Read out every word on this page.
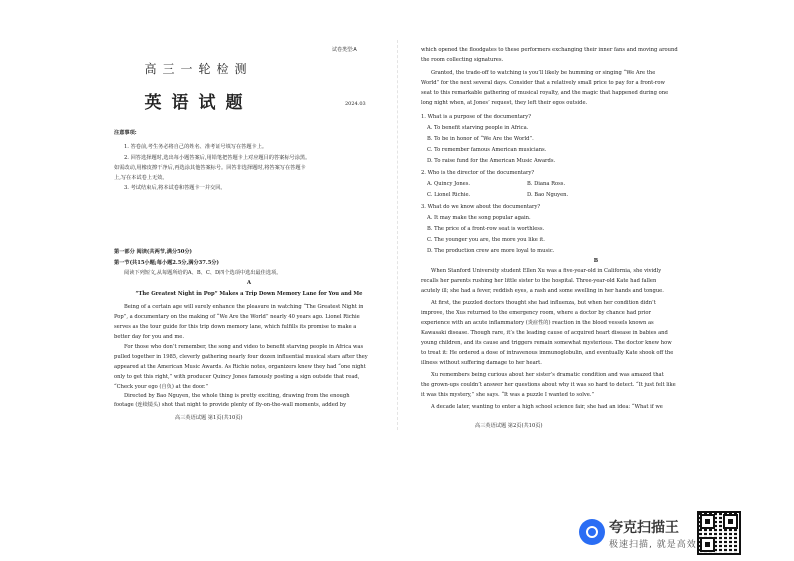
试卷类型:A
高三一轮检测
英语试题	2024.03
注意事项:
1. 答卷前,考生务必将自己的姓名、准考证号填写在答题卡上。
2. 回答选择题时,选出每小题答案后,用铅笔把答题卡上对应题目的答案标号涂黑。
如需改动,用橡皮擦干净后,再选涂其他答案标号。回答非选择题时,将答案写在答题卡
上,写在本试卷上无效。
3. 考试结束后,将本试卷和答题卡一并交回。
第一部分 阅读(共两节,满分50分)
第一节(共15小题;每小题2.5分,满分37.5分)
阅读下列短文,从每题所给的A、B、C、D四个选项中选出最佳选项。
A
“The Greatest Night in Pop” Makes a Trip Down Memory Lane for You and Me
Being of a certain age will surely enhance the pleasure in watching “The Greatest Night in
Pop”, a documentary on the making of “We Are the World” nearly 40 years ago. Lionel Richie
serves as the tour guide for this trip down memory lane, which fulfills its promise to make a
better day for you and me.
For those who don’t remember, the song and video to benefit starving people in Africa was
pulled together in 1985, cleverly gathering nearly four dozen influential musical stars after they
appeared at the American Music Awards. As Richie notes, organizers knew they had “one night
only to get this right,” with producer Quincy Jones famously posting a sign outside that read,
“Check your ego (自负) at the door.”
Directed by Bao Nguyen, the whole thing is pretty exciting, drawing from the enough
footage (连续镜头) shot that night to provide plenty of fly-on-the-wall moments, added by
高三英语试题 第1页(共10页)
which opened the floodgates to these performers exchanging their inner fans and moving around
the room collecting signatures.
Granted, the trade-off to watching is you’ll likely be humming or singing “We Are the
World” for the next several days. Consider that a relatively small price to pay for a front-row
seat to this remarkable gathering of musical royalty, and the magic that happened during one
long night when, at Jones’ request, they left their egos outside.
1. What is a purpose of the documentary?
A. To benefit starving people in Africa.
B. To be in honor of “We Are the World”.
C. To remember famous American musicians.
D. To raise fund for the American Music Awards.
2. Who is the director of the documentary?
A. Quincy Jones.	B. Diana Ross.
C. Lionel Richie.	D. Bao Nguyen.
3. What do we know about the documentary?
A. It may make the song popular again.
B. The price of a front-row seat is worthless.
C. The younger you are, the more you like it.
D. The production crew are more loyal to music.
B
When Stanford University student Ellen Xu was a five-year-old in California, she vividly
recalls her parents rushing her little sister to the hospital. Three-year-old Kate had fallen
acutely ill; she had a fever, reddish eyes, a rash and some swelling in her hands and tongue.
At first, the puzzled doctors thought she had influenza, but when her condition didn’t
improve, the Xus returned to the emergency room, where a doctor by chance had prior
experience with an acute inflammatory (炎症性的) reaction in the blood vessels known as
Kawasaki disease. Though rare, it’s the leading cause of acquired heart disease in babies and
young children, and its cause and triggers remain somewhat mysterious. The doctor knew how
to treat it: He ordered a dose of intravenous immunoglobulin, and eventually Kate shook off the
illness without suffering damage to her heart.
Xu remembers being curious about her sister’s dramatic condition and was amazed that
the grown-ups couldn’t answer her questions about why it was so hard to detect. “It just felt like
it was this mystery,” she says. “It was a puzzle I wanted to solve.”
A decade later, wanting to enter a high school science fair, she had an idea: “What if we
高三英语试题 第2页(共10页)
夸克扫描王
极速扫描, 就是高效
